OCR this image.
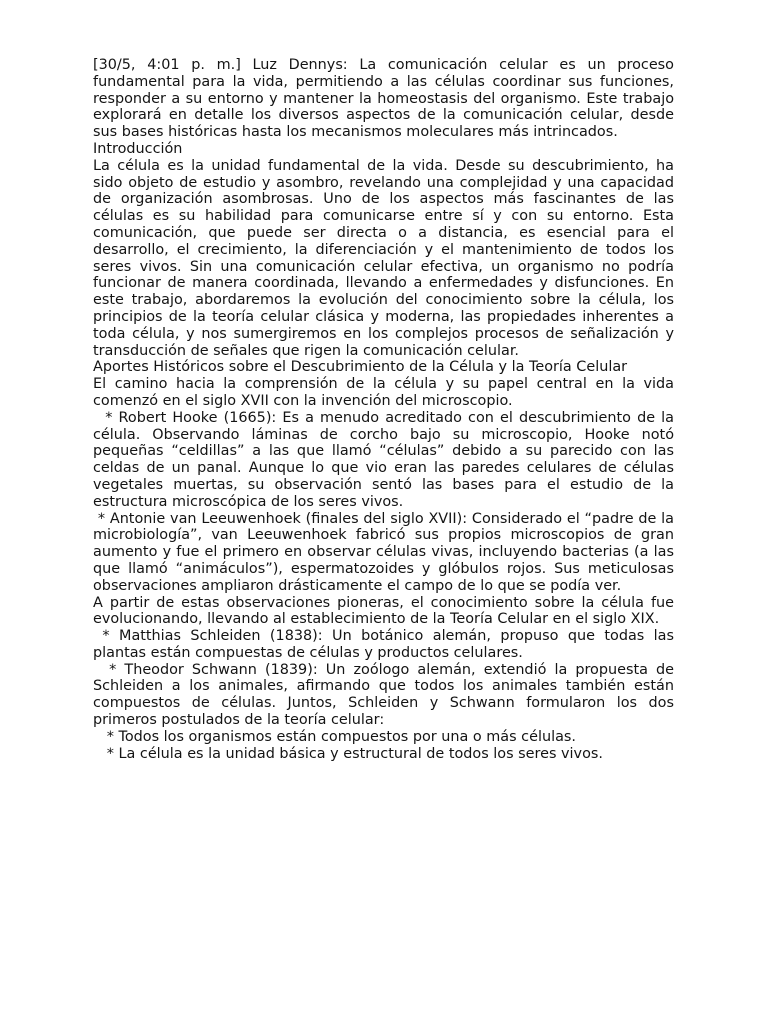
[30/5, 4:01 p. m.] Luz Dennys: La comunicación celular es un proceso fundamental para la vida, permitiendo a las células coordinar sus funciones, responder a su entorno y mantener la homeostasis del organismo. Este trabajo explorará en detalle los diversos aspectos de la comunicación celular, desde sus bases históricas hasta los mecanismos moleculares más intrincados.

Introducción

La célula es la unidad fundamental de la vida. Desde su descubrimiento, ha sido objeto de estudio y asombro, revelando una complejidad y una capacidad de organización asombrosas. Uno de los aspectos más fascinantes de las células es su habilidad para comunicarse entre sí y con su entorno. Esta comunicación, que puede ser directa o a distancia, es esencial para el desarrollo, el crecimiento, la diferenciación y el mantenimiento de todos los seres vivos. Sin una comunicación celular efectiva, un organismo no podría funcionar de manera coordinada, llevando a enfermedades y disfunciones. En este trabajo, abordaremos la evolución del conocimiento sobre la célula, los principios de la teoría celular clásica y moderna, las propiedades inherentes a toda célula, y nos sumergiremos en los complejos procesos de señalización y transducción de señales que rigen la comunicación celular.

Aportes Históricos sobre el Descubrimiento de la Célula y la Teoría Celular

El camino hacia la comprensión de la célula y su papel central en la vida comenzó en el siglo XVII con la invención del microscopio.

* Robert Hooke (1665): Es a menudo acreditado con el descubrimiento de la célula. Observando láminas de corcho bajo su microscopio, Hooke notó pequeñas “celdillas” a las que llamó “células” debido a su parecido con las celdas de un panal. Aunque lo que vio eran las paredes celulares de células vegetales muertas, su observación sentó las bases para el estudio de la estructura microscópica de los seres vivos.

* Antonie van Leeuwenhoek (finales del siglo XVII): Considerado el “padre de la microbiología”, van Leeuwenhoek fabricó sus propios microscopios de gran aumento y fue el primero en observar células vivas, incluyendo bacterias (a las que llamó “animáculos”), espermatozoides y glóbulos rojos. Sus meticulosas observaciones ampliaron drásticamente el campo de lo que se podía ver.

A partir de estas observaciones pioneras, el conocimiento sobre la célula fue evolucionando, llevando al establecimiento de la Teoría Celular en el siglo XIX.

* Matthias Schleiden (1838): Un botánico alemán, propuso que todas las plantas están compuestas de células y productos celulares.

* Theodor Schwann (1839): Un zoólogo alemán, extendió la propuesta de Schleiden a los animales, afirmando que todos los animales también están compuestos de células. Juntos, Schleiden y Schwann formularon los dos primeros postulados de la teoría celular:

* Todos los organismos están compuestos por una o más células.

* La célula es la unidad básica y estructural de todos los seres vivos.
